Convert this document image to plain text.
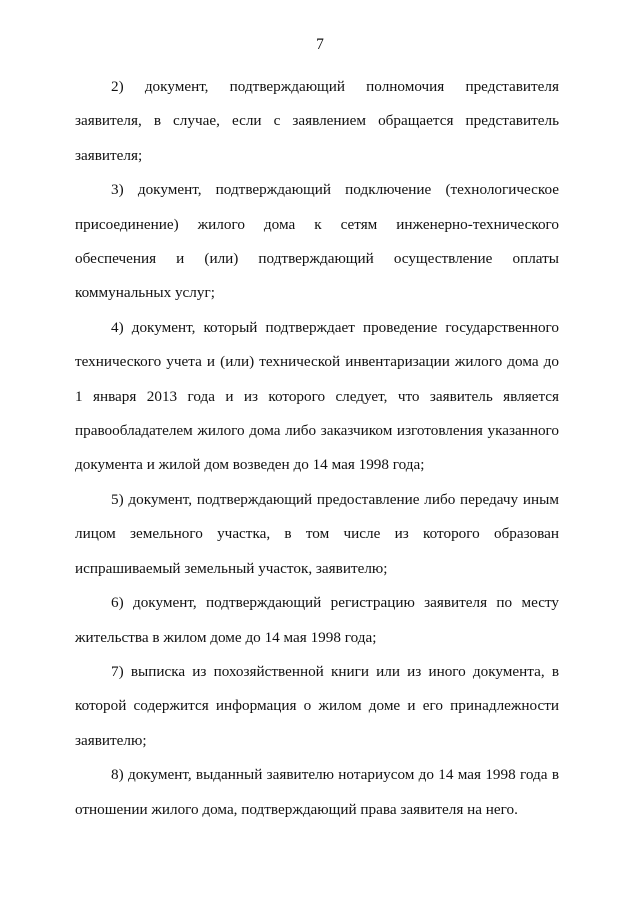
7

2) документ, подтверждающий полномочия представителя заявителя, в случае, если с заявлением обращается представитель заявителя;

3) документ, подтверждающий подключение (технологическое присоединение) жилого дома к сетям инженерно-технического обеспечения и (или) подтверждающий осуществление оплаты коммунальных услуг;

4) документ, который подтверждает проведение государственного технического учета и (или) технической инвентаризации жилого дома до 1 января 2013 года и из которого следует, что заявитель является правообладателем жилого дома либо заказчиком изготовления указанного документа и жилой дом возведен до 14 мая 1998 года;

5) документ, подтверждающий предоставление либо передачу иным лицом земельного участка, в том числе из которого образован испрашиваемый земельный участок, заявителю;

6) документ, подтверждающий регистрацию заявителя по месту жительства в жилом доме до 14 мая 1998 года;

7) выписка из похозяйственной книги или из иного документа, в которой содержится информация о жилом доме и его принадлежности заявителю;

8) документ, выданный заявителю нотариусом до 14 мая 1998 года в отношении жилого дома, подтверждающий права заявителя на него.
